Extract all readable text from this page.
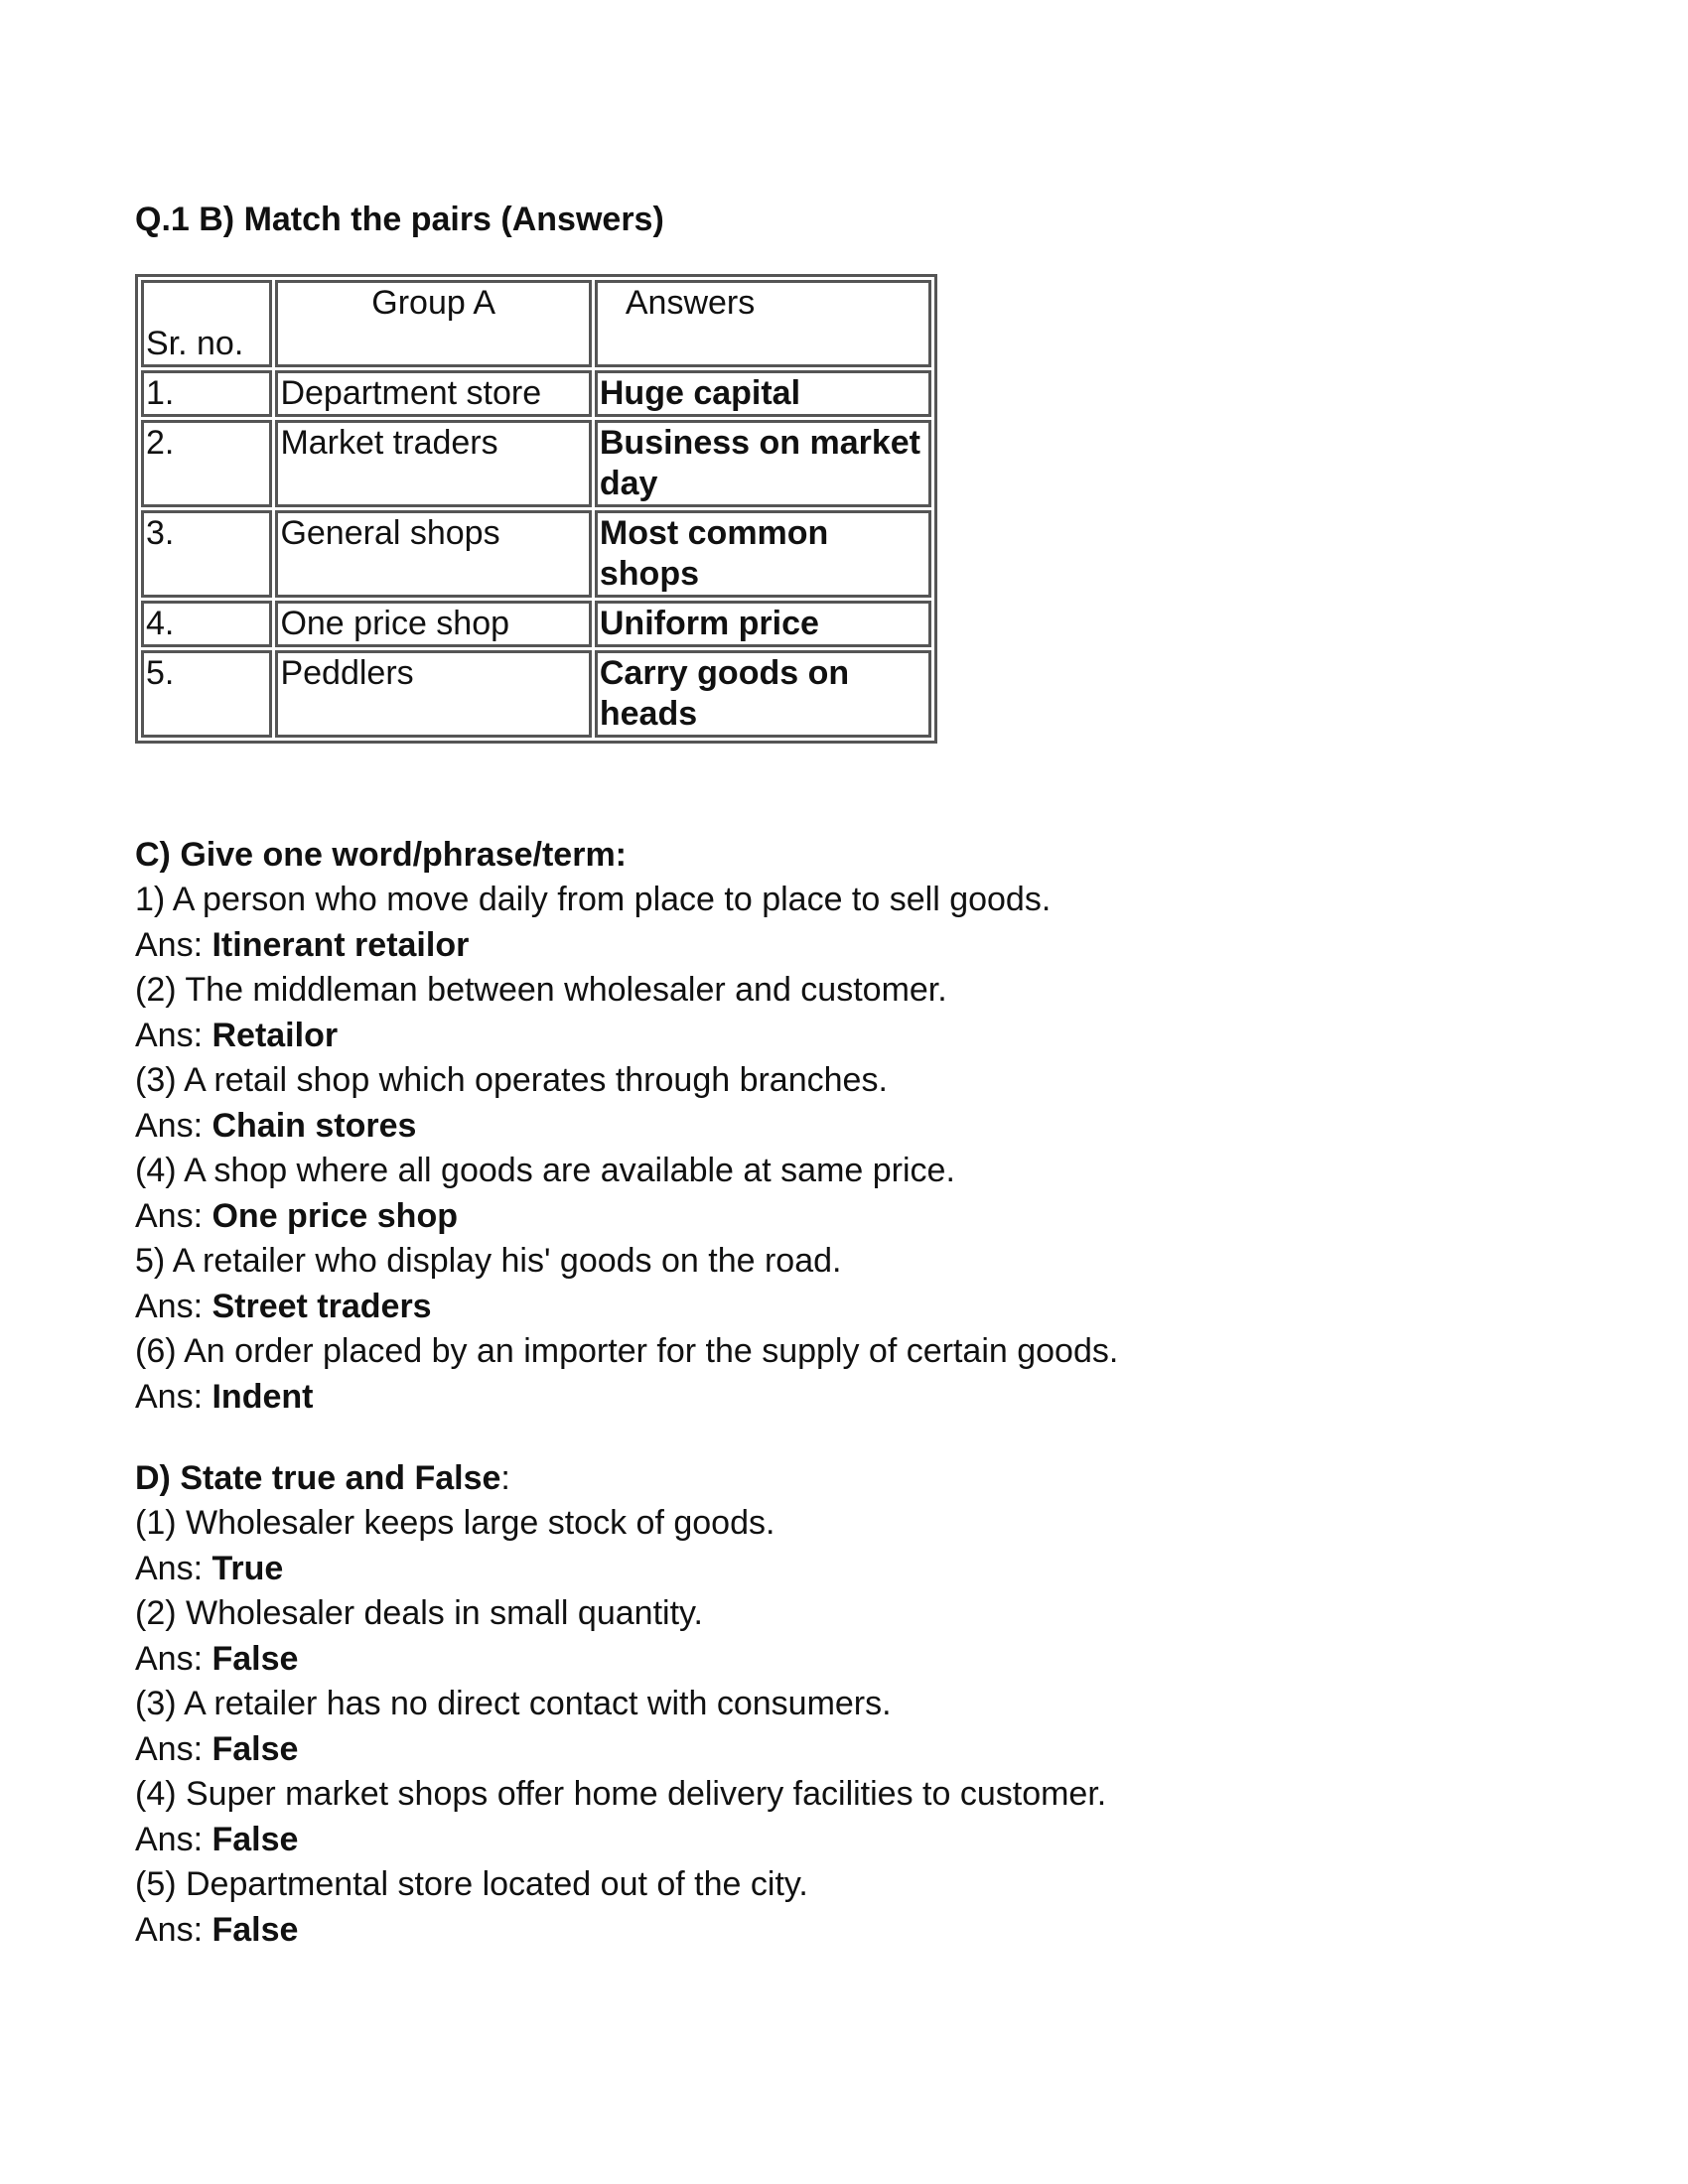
Q.1 B) Match the pairs (Answers)
Sr. no.	Group A	Answers
1.	Department store	Huge capital
2.	Market traders	Business on market day
3.	General shops	Most common shops
4.	One price shop	Uniform price
5.	Peddlers	Carry goods on heads
C) Give one word/phrase/term:

1) A person who move daily from place to place to sell goods.

Ans: Itinerant retailor

(2) The middleman between wholesaler and customer.

Ans: Retailor

(3) A retail shop which operates through branches.

Ans: Chain stores

(4) A shop where all goods are available at same price.

Ans: One price shop

5) A retailer who display his' goods on the road.

Ans: Street traders

(6) An order placed by an importer for the supply of certain goods.

Ans: Indent

D) State true and False:

(1) Wholesaler keeps large stock of goods.

Ans: True

(2) Wholesaler deals in small quantity.

Ans: False

(3) A retailer has no direct contact with consumers.

Ans: False

(4) Super market shops offer home delivery facilities to customer.

Ans: False

(5) Departmental store located out of the city.

Ans: False
